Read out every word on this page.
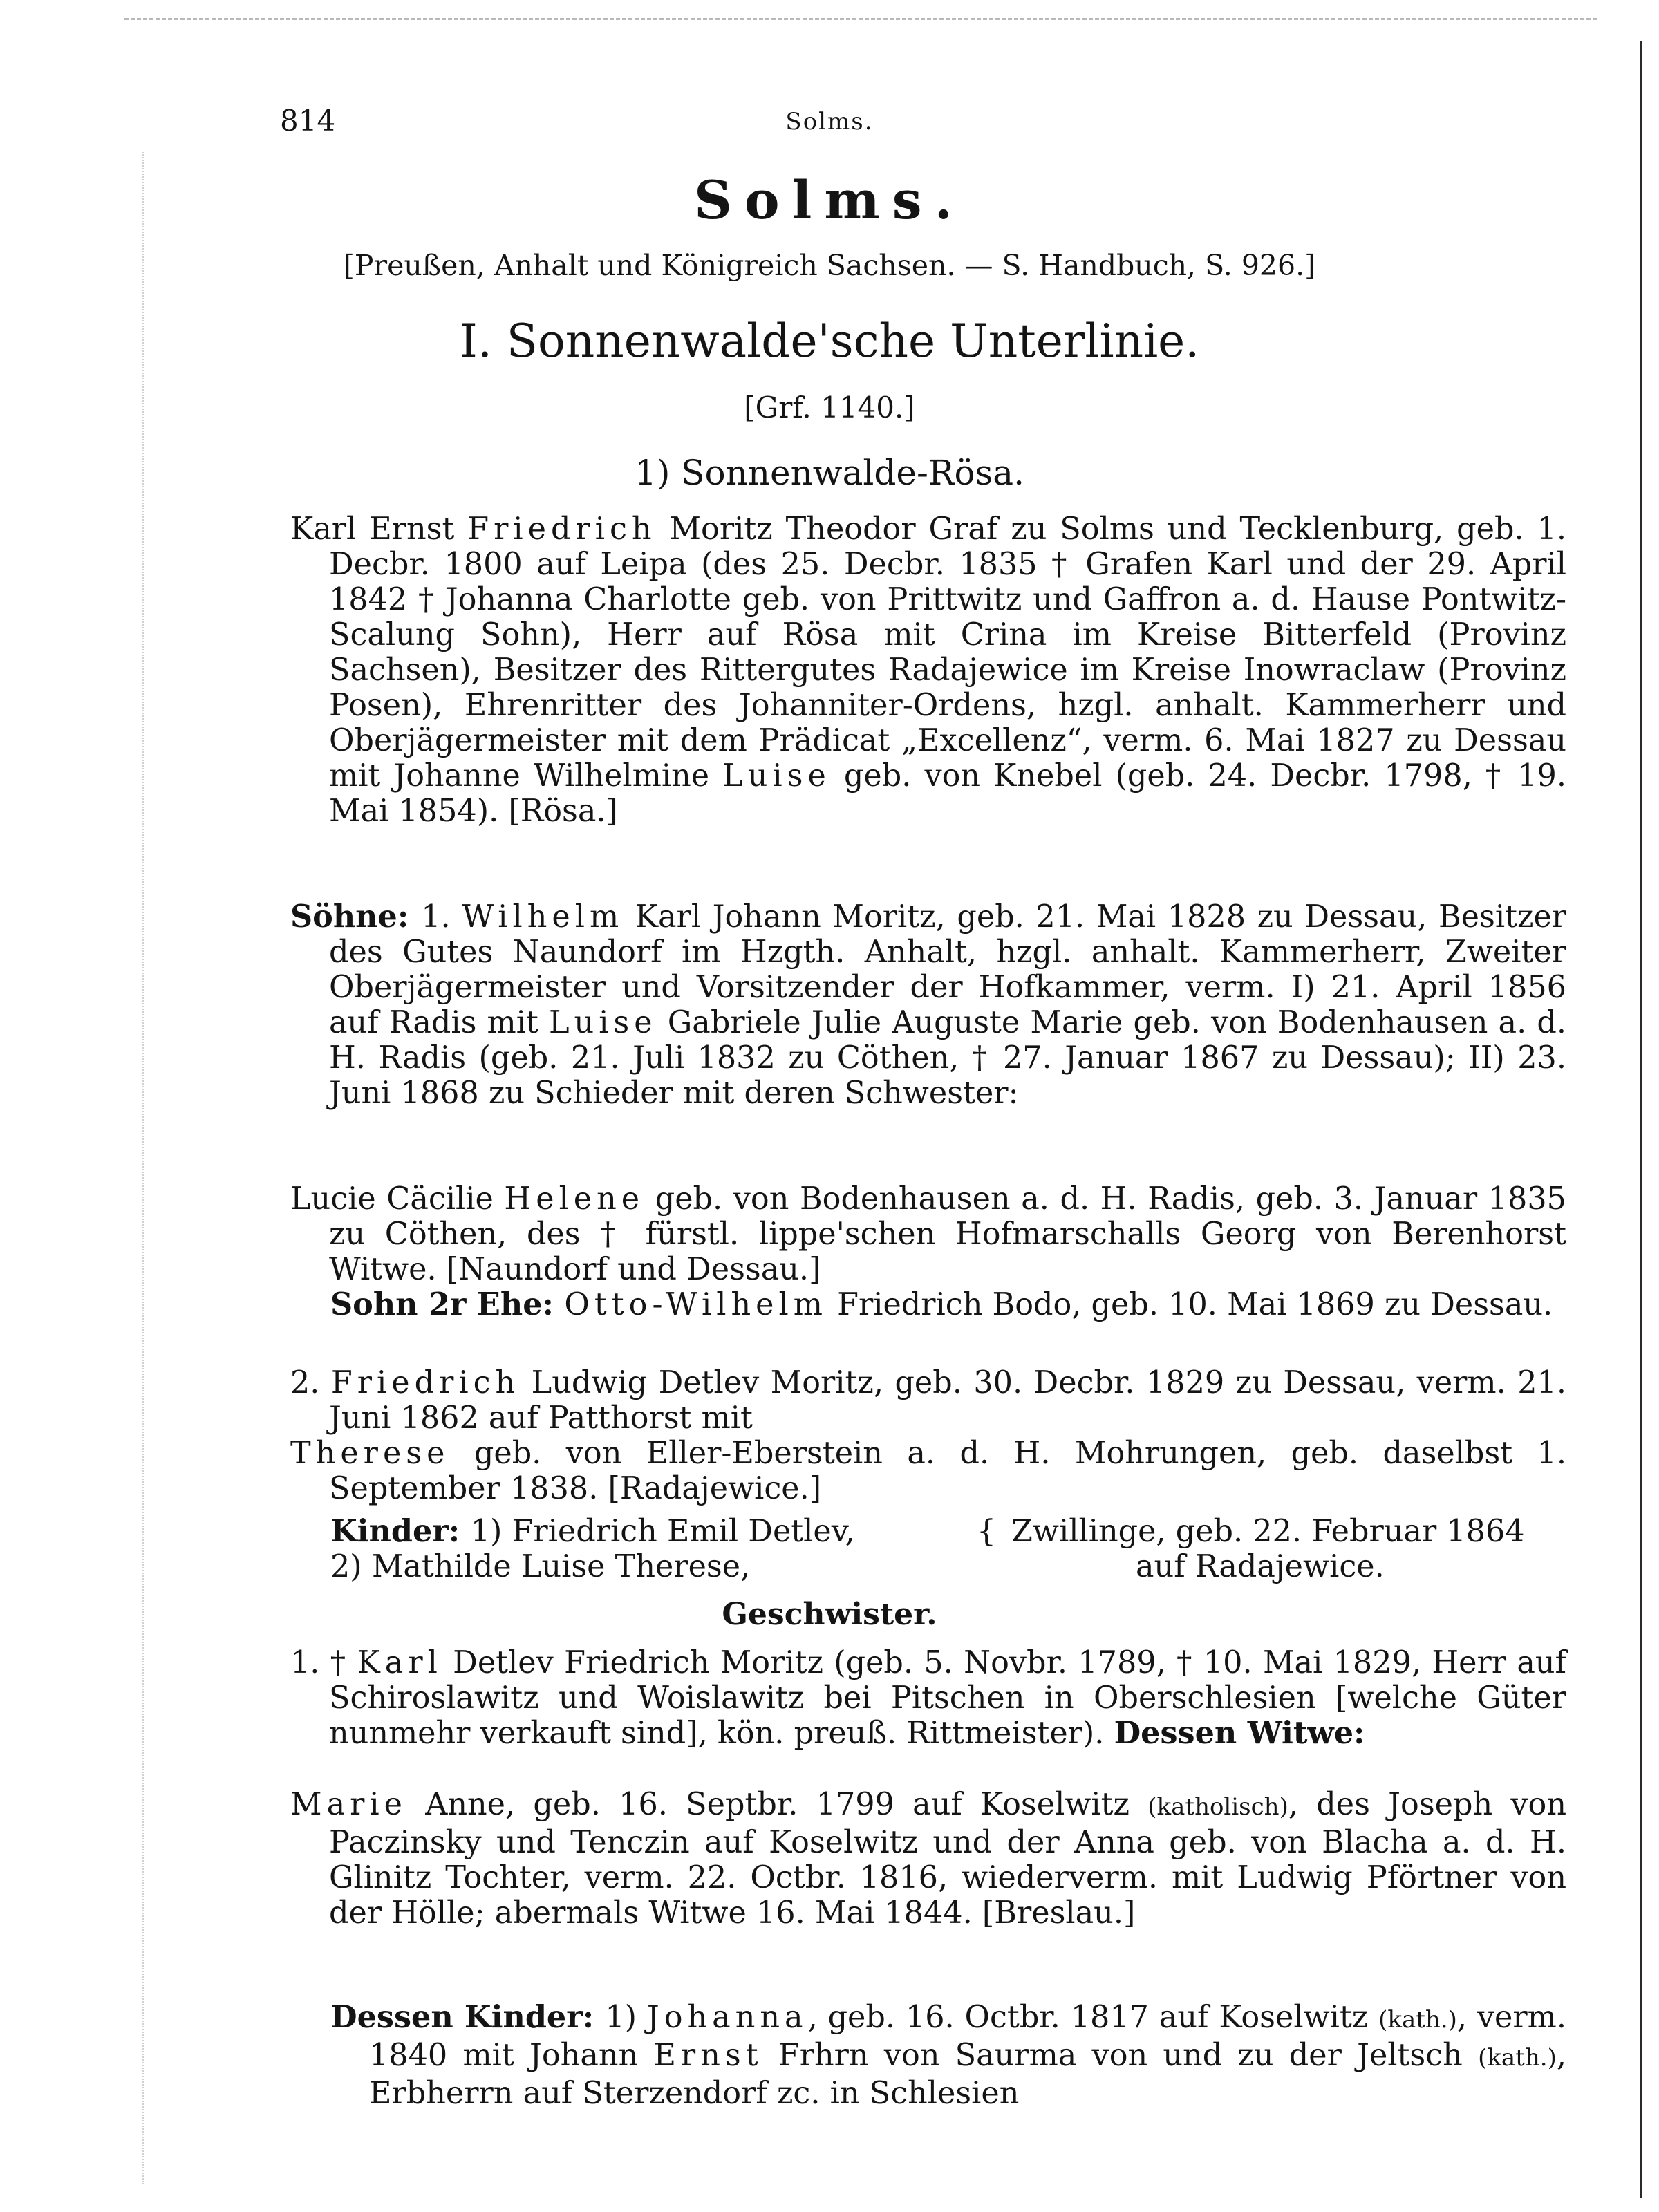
814	Solms.
Solms.
[Preußen, Anhalt und Königreich Sachsen. — S. Handbuch, S. 926.]
I. Sonnenwalde'sche Unterlinie.
[Grf. 1140.]
1) Sonnenwalde-Rösa.
Karl Ernst Friedrich Moritz Theodor Graf zu Solms und Tecklenburg, geb. 1. Decbr. 1800 auf Leipa (des 25. Decbr. 1835 † Grafen Karl und der 29. April 1842 † Johanna Charlotte geb. von Prittwitz und Gaffron a. d. Hause Pontwitz-Scalung Sohn), Herr auf Rösa mit Crina im Kreise Bitterfeld (Provinz Sachsen), Besitzer des Rittergutes Radajewice im Kreise Inowraclaw (Provinz Posen), Ehrenritter des Johanniter-Ordens, hzgl. anhalt. Kammerherr und Oberjägermeister mit dem Prädicat „Excellenz“, verm. 6. Mai 1827 zu Dessau mit Johanne Wilhelmine Luise geb. von Knebel (geb. 24. Decbr. 1798, † 19. Mai 1854). [Rösa.]
Söhne: 1. Wilhelm Karl Johann Moritz, geb. 21. Mai 1828 zu Dessau, Besitzer des Gutes Naundorf im Hzgth. Anhalt, hzgl. anhalt. Kammerherr, Zweiter Oberjägermeister und Vorsitzender der Hofkammer, verm. I) 21. April 1856 auf Radis mit Luise Gabriele Julie Auguste Marie geb. von Bodenhausen a. d. H. Radis (geb. 21. Juli 1832 zu Cöthen, † 27. Januar 1867 zu Dessau); II) 23. Juni 1868 zu Schieder mit deren Schwester:
Lucie Cäcilie Helene geb. von Bodenhausen a. d. H. Radis, geb. 3. Januar 1835 zu Cöthen, des † fürstl. lippe'schen Hofmarschalls Georg von Berenhorst Witwe. [Naundorf und Dessau.]
Sohn 2r Ehe: Otto-Wilhelm Friedrich Bodo, geb. 10. Mai 1869 zu Dessau.
2. Friedrich Ludwig Detlev Moritz, geb. 30. Decbr. 1829 zu Dessau, verm. 21. Juni 1862 auf Patthorst mit
Therese geb. von Eller-Eberstein a. d. H. Mohrungen, geb. daselbst 1. September 1838. [Radajewice.]
Kinder: 1) Friedrich Emil Detlev,
2) Mathilde Luise Therese,
{ Zwillinge, geb. 22. Februar 1864
auf Radajewice.
Geschwister.
1. † Karl Detlev Friedrich Moritz (geb. 5. Novbr. 1789, † 10. Mai 1829, Herr auf Schiroslawitz und Woislawitz bei Pitschen in Oberschlesien [welche Güter nunmehr verkauft sind], kön. preuß. Rittmeister). Dessen Witwe:
Marie Anne, geb. 16. Septbr. 1799 auf Koselwitz (katholisch), des Joseph von Paczinsky und Tenczin auf Koselwitz und der Anna geb. von Blacha a. d. H. Glinitz Tochter, verm. 22. Octbr. 1816, wiederverm. mit Ludwig Pförtner von der Hölle; abermals Witwe 16. Mai 1844. [Breslau.]
Dessen Kinder: 1) Johanna, geb. 16. Octbr. 1817 auf Koselwitz (kath.), verm. 1840 mit Johann Ernst Frhrn von Saurma von und zu der Jeltsch (kath.), Erbherrn auf Sterzendorf zc. in Schlesien
